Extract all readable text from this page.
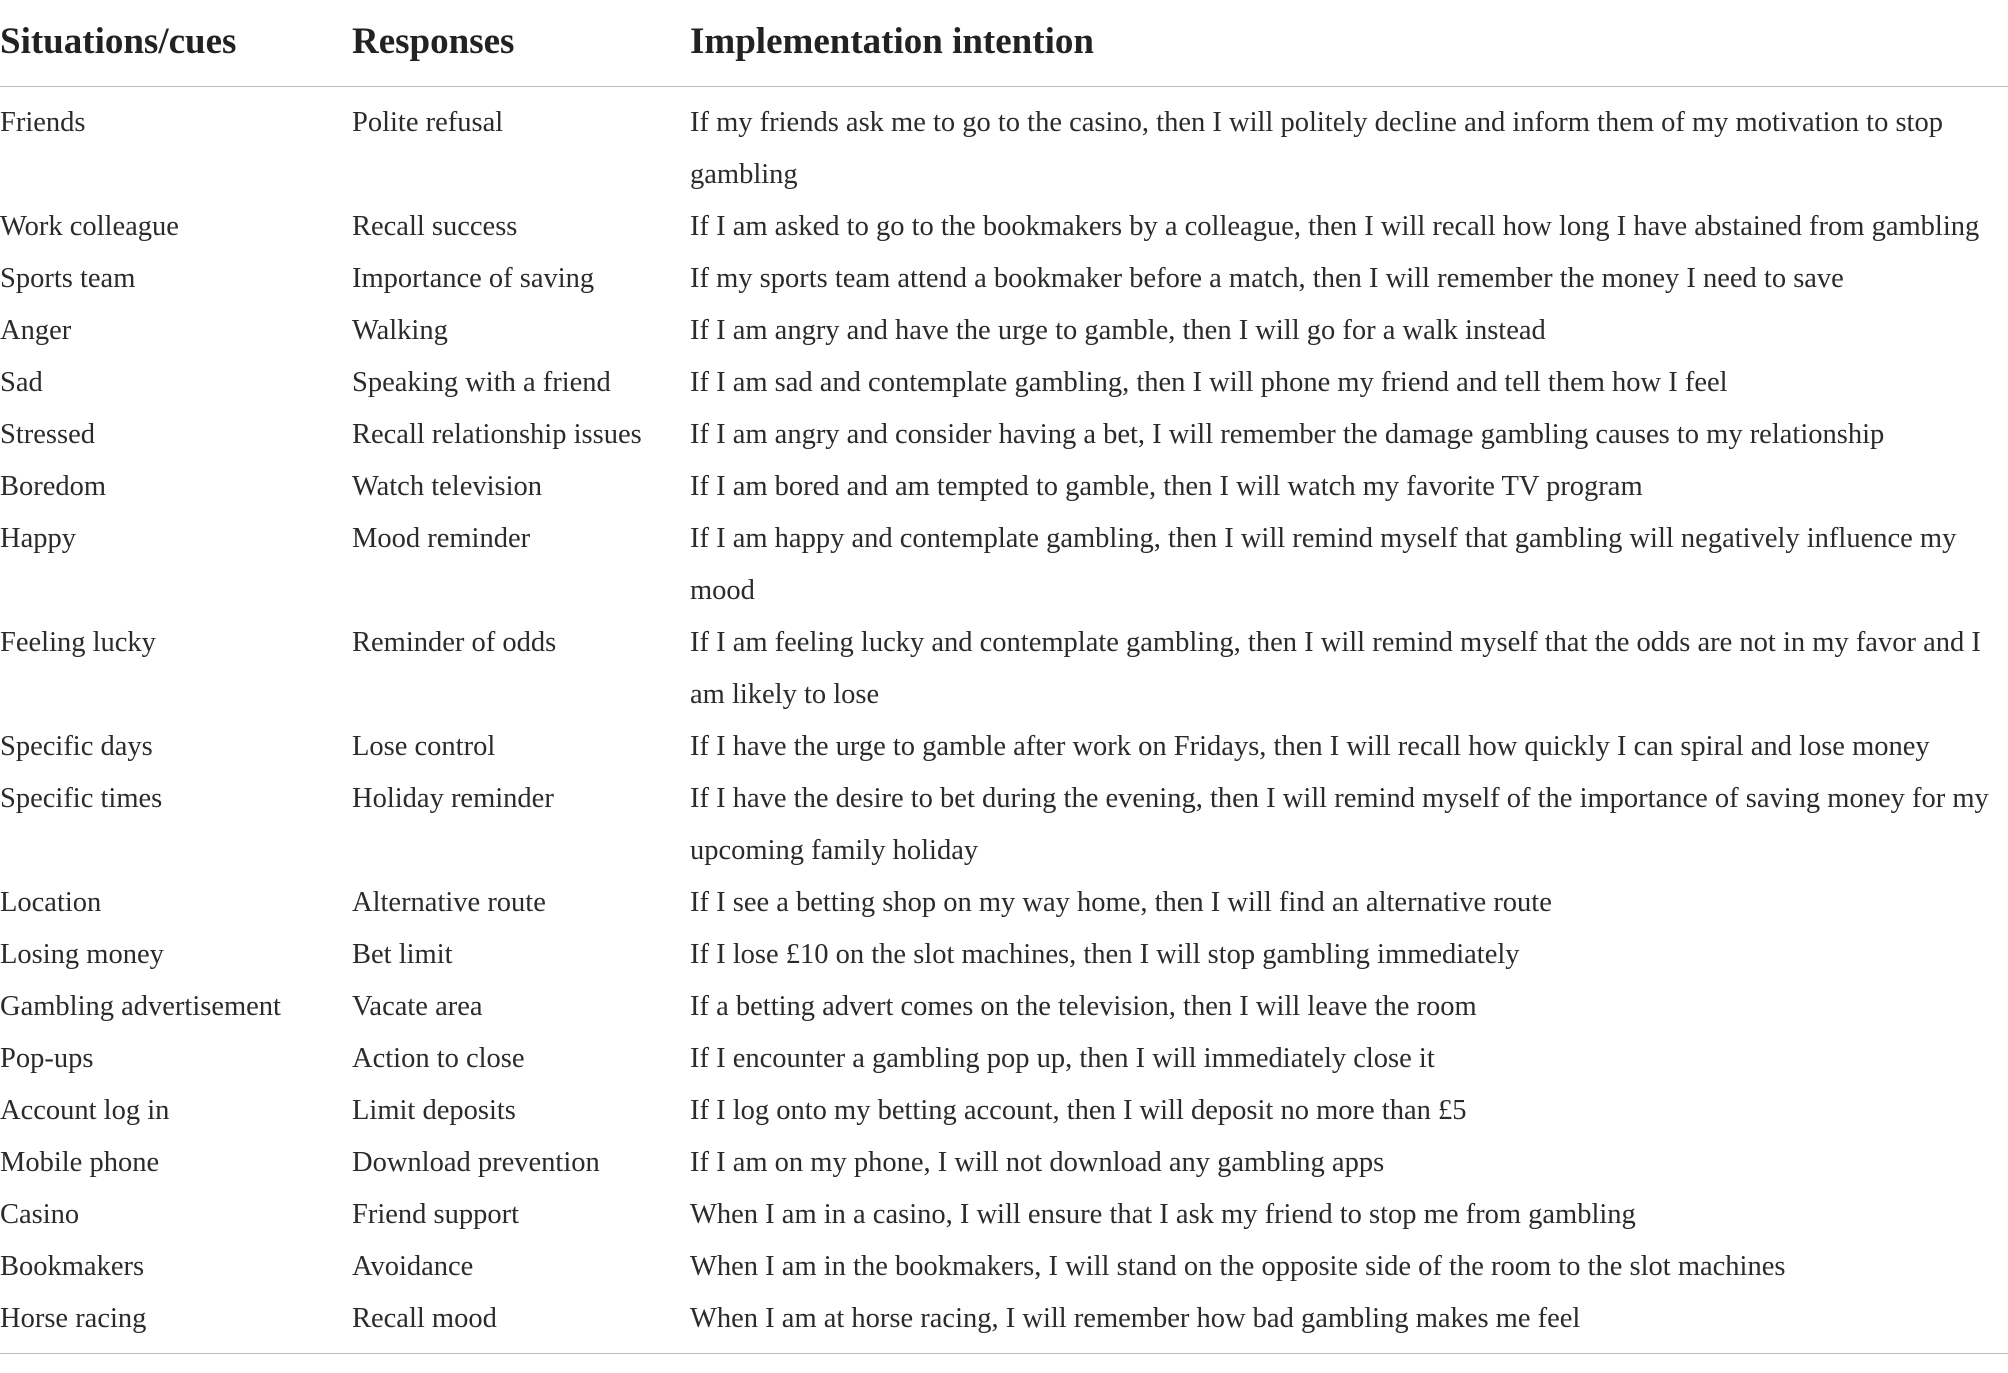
Situations/cues	Responses	Implementation intention
Friends	Polite refusal	If my friends ask me to go to the casino, then I will politely decline and inform them of my motivation to stop gambling
Work colleague	Recall success	If I am asked to go to the bookmakers by a colleague, then I will recall how long I have abstained from gambling
Sports team	Importance of saving	If my sports team attend a bookmaker before a match, then I will remember the money I need to save
Anger	Walking	If I am angry and have the urge to gamble, then I will go for a walk instead
Sad	Speaking with a friend	If I am sad and contemplate gambling, then I will phone my friend and tell them how I feel
Stressed	Recall relationship issues	If I am angry and consider having a bet, I will remember the damage gambling causes to my relationship
Boredom	Watch television	If I am bored and am tempted to gamble, then I will watch my favorite TV program
Happy	Mood reminder	If I am happy and contemplate gambling, then I will remind myself that gambling will negatively influence my mood
Feeling lucky	Reminder of odds	If I am feeling lucky and contemplate gambling, then I will remind myself that the odds are not in my favor and I am likely to lose
Specific days	Lose control	If I have the urge to gamble after work on Fridays, then I will recall how quickly I can spiral and lose money
Specific times	Holiday reminder	If I have the desire to bet during the evening, then I will remind myself of the importance of saving money for my upcoming family holiday
Location	Alternative route	If I see a betting shop on my way home, then I will find an alternative route
Losing money	Bet limit	If I lose £10 on the slot machines, then I will stop gambling immediately
Gambling advertisement	Vacate area	If a betting advert comes on the television, then I will leave the room
Pop-ups	Action to close	If I encounter a gambling pop up, then I will immediately close it
Account log in	Limit deposits	If I log onto my betting account, then I will deposit no more than £5
Mobile phone	Download prevention	If I am on my phone, I will not download any gambling apps
Casino	Friend support	When I am in a casino, I will ensure that I ask my friend to stop me from gambling
Bookmakers	Avoidance	When I am in the bookmakers, I will stand on the opposite side of the room to the slot machines
Horse racing	Recall mood	When I am at horse racing, I will remember how bad gambling makes me feel
